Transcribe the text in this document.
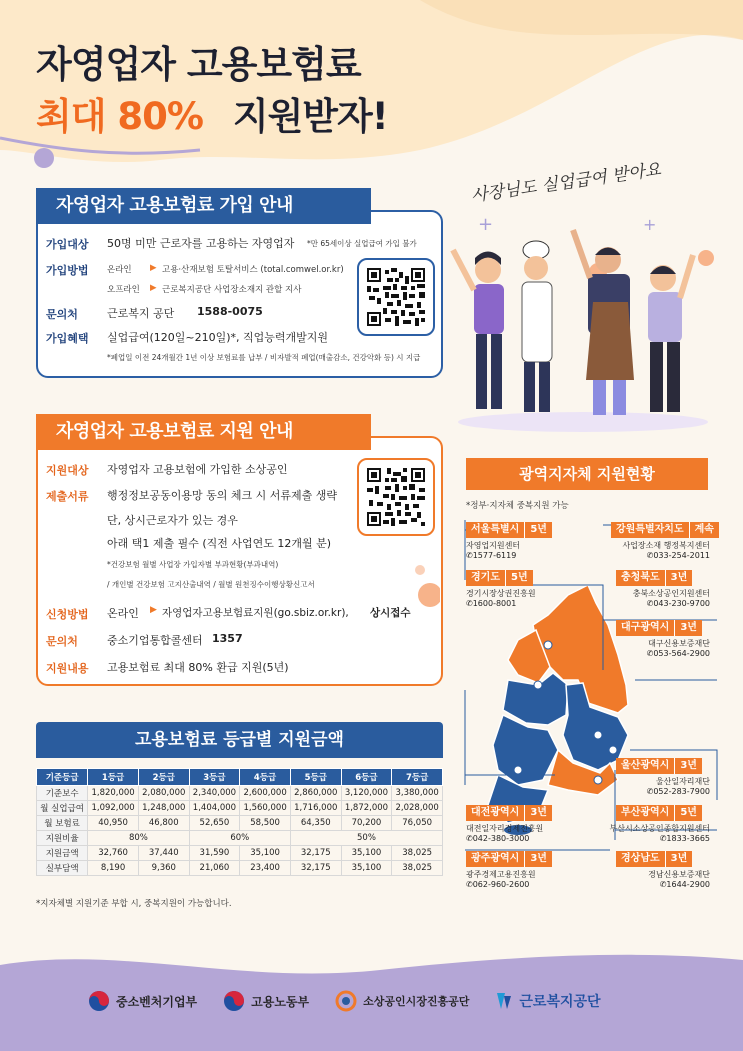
자영업자 고용보험료
최대 80% 지원받자!
사장님도 실업급여 받아요
+	+
자영업자 고용보험료 가입 안내
가입대상 50명 미만 근로자를 고용하는 자영업자 *만 65세이상 실업급여 가입 불가
가입방법 온라인 ▶ 고용·산재보험 토탈서비스 (total.comwel.or.kr)
오프라인 ▶ 근로복지공단 사업장소재지 관할 지사
문의처	근로복지 공단 1588-0075
가입혜택 실업급여(120일~210일)*, 직업능력개발지원
*폐업일 이전 24개월간 1년 이상 보험료를 납부 / 비자발적 폐업(매출감소, 건강악화 등) 시 지급
자영업자 고용보험료 지원 안내
지원대상 자영업자 고용보험에 가입한 소상공인
제출서류 행정정보공동이용망 동의 체크 시 서류제출 생략
단, 상시근로자가 있는 경우
아래 택1 제출 필수 (직전 사업연도 12개월 분)
*건강보험 월별 사업장 가입자별 부과현황(부과내역)
/ 개인별 건강보험 고지산출내역 / 월별 원천징수이행상황신고서
신청방법 온라인 ▶ 자영업자고용보험료지원(go.sbiz.or.kr), 상시접수
문의처	중소기업통합콜센터 1357
지원내용 고용보험료 최대 80% 환급 지원(5년)
고용보험료 등급별 지원금액
기준등급	1등급	2등급	3등급	4등급	5등급	6등급	7등급
기준보수	1,820,000	2,080,000	2,340,000	2,600,000	2,860,000	3,120,000	3,380,000
월 실업급여	1,092,000	1,248,000	1,404,000	1,560,000	1,716,000	1,872,000	2,028,000
월 보험료	40,950	46,800	52,650	58,500	64,350	70,200	76,050
지원비율	80%		60%		50%		
지원금액	32,760	37,440	31,590	35,100	32,175	35,100	38,025
실부담액	8,190	9,360	21,060	23,400	32,175	35,100	38,025
*지자체별 지원기준 부합 시, 중복지원이 가능합니다.
광역지자체 지원현황
*정부·지자체 중복지원 가능
서울특별시	5년
자영업지원센터
✆1577-6119
경기도	5년
경기시장상권진흥원
✆1600-8001
강원특별자치도	계속
사업장소재 행정복지센터
✆033-254-2011
충청북도	3년
충북소상공인지원센터
✆043-230-9700
대구광역시	3년
대구신용보증재단
✆053-564-2900
울산광역시	3년
울산일자리재단
✆052-283-7900
부산광역시	5년
부산시소상공인종합지원센터
✆1833-3665
경상남도	3년
경남신용보증재단
✆1644-2900
대전광역시	3년
대전일자리경제진흥원
✆042-380-3000
광주광역시	3년
광주경제고용진흥원
✆062-960-2600
중소벤처기업부	고용노동부	소상공인시장진흥공단	근로복지공단
